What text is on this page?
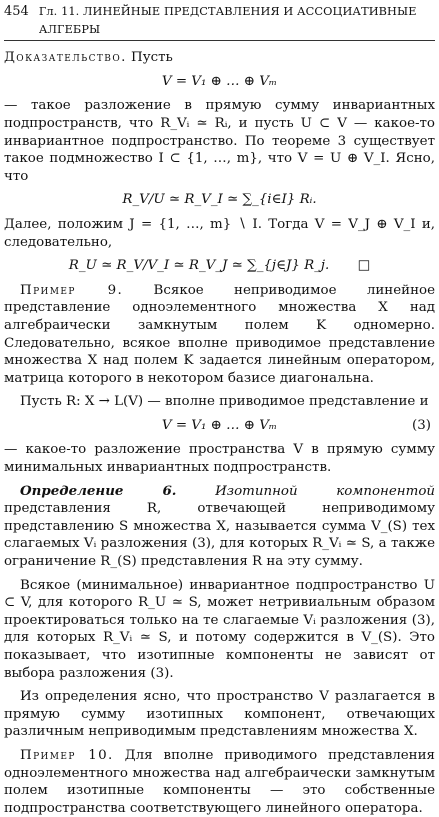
454 Гл. 11. ЛИНЕЙНЫЕ ПРЕДСТАВЛЕНИЯ И АССОЦИАТИВНЫЕ АЛГЕБРЫ

Доказательство. Пусть

V = V₁ ⊕ … ⊕ Vₘ

— такое разложение в прямую сумму инвариантных подпространств, что R_Vᵢ ≃ Rᵢ, и пусть U ⊂ V — какое-то инвариантное подпространство. По теореме 3 существует такое подмножество I ⊂ {1, …, m}, что V = U ⊕ V_I. Ясно, что

R_V/U ≃ R_V_I ≃ ∑_{i∈I} Rᵢ.

Далее, положим J = {1, …, m} ∖ I. Тогда V = V_J ⊕ V_I и, следовательно,

R_U ≃ R_V/V_I ≃ R_V_J ≃ ∑_{j∈J} R_j. □

Пример 9. Всякое неприводимое линейное представление одноэлементного множества X над алгебраически замкнутым полем K одномерно. Следовательно, всякое вполне приводимое представление множества X над полем K задается линейным оператором, матрица которого в некотором базисе диагональна.

Пусть R: X → L(V) — вполне приводимое представление и

V = V₁ ⊕ … ⊕ Vₘ	(3)

— какое-то разложение пространства V в прямую сумму минимальных инвариантных подпространств.

Определение 6.	Изотипной компонентой представления R, отвечающей неприводимому представлению S множества X, называется сумма V_(S) тех слагаемых Vᵢ разложения (3), для которых R_Vᵢ ≃ S, а также ограничение R_(S) представления R на эту сумму.

Всякое (минимальное) инвариантное подпространство U ⊂ V, для которого R_U ≃ S, может нетривиальным образом проектироваться только на те слагаемые Vᵢ разложения (3), для которых R_Vᵢ ≃ S, и потому содержится в V_(S). Это показывает, что изотипные компоненты не зависят от выбора разложения (3).

Из определения ясно, что пространство V разлагается в прямую сумму изотипных компонент, отвечающих различным неприводимым представлениям множества X.

Пример 10. Для вполне приводимого представления одноэлементного множества над алгебраически замкнутым полем изотипные компоненты — это собственные подпространства соответствующего линейного оператора.
